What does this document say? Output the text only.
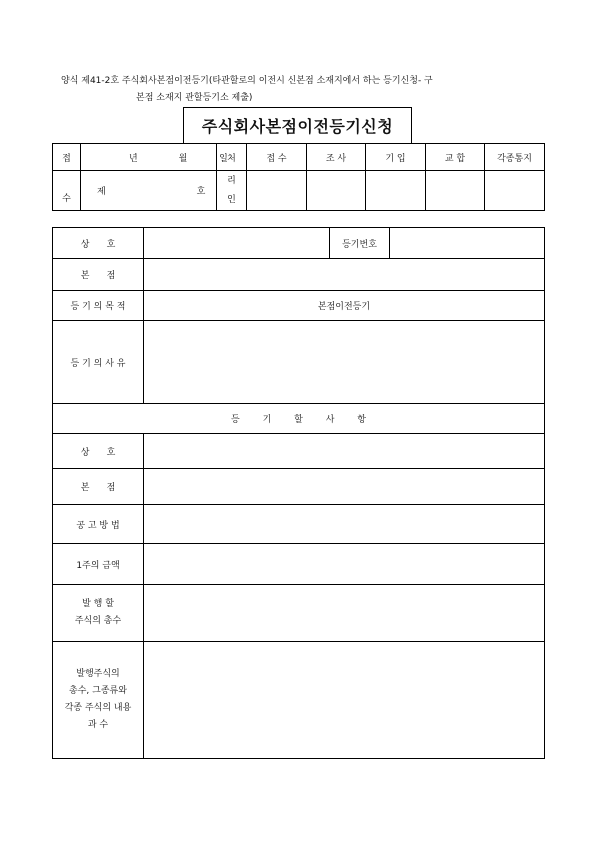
양식 제41-2호 주식회사본점이전등기(타관할로의 이전시 신본점 소재지에서 하는 등기신청- 구
본점 소재지 관할등기소 제출)
주식회사본점이전등기신청
접	년 월 일	처	접 수	조 사	기 입	교 합	각종통지
수	제 호	리
인					

상      호		등기번호	
본      점			
등 기 의 목 적	본점이전등기		
등 기 의 사 유			
등        기        할        사        항			
상      호			
본      점			
공 고 방 법			
1주의 금액			

발 행 할
주식의 총수			

발행주식의
총수, 그종류와
각종 주식의 내용
과 수			
